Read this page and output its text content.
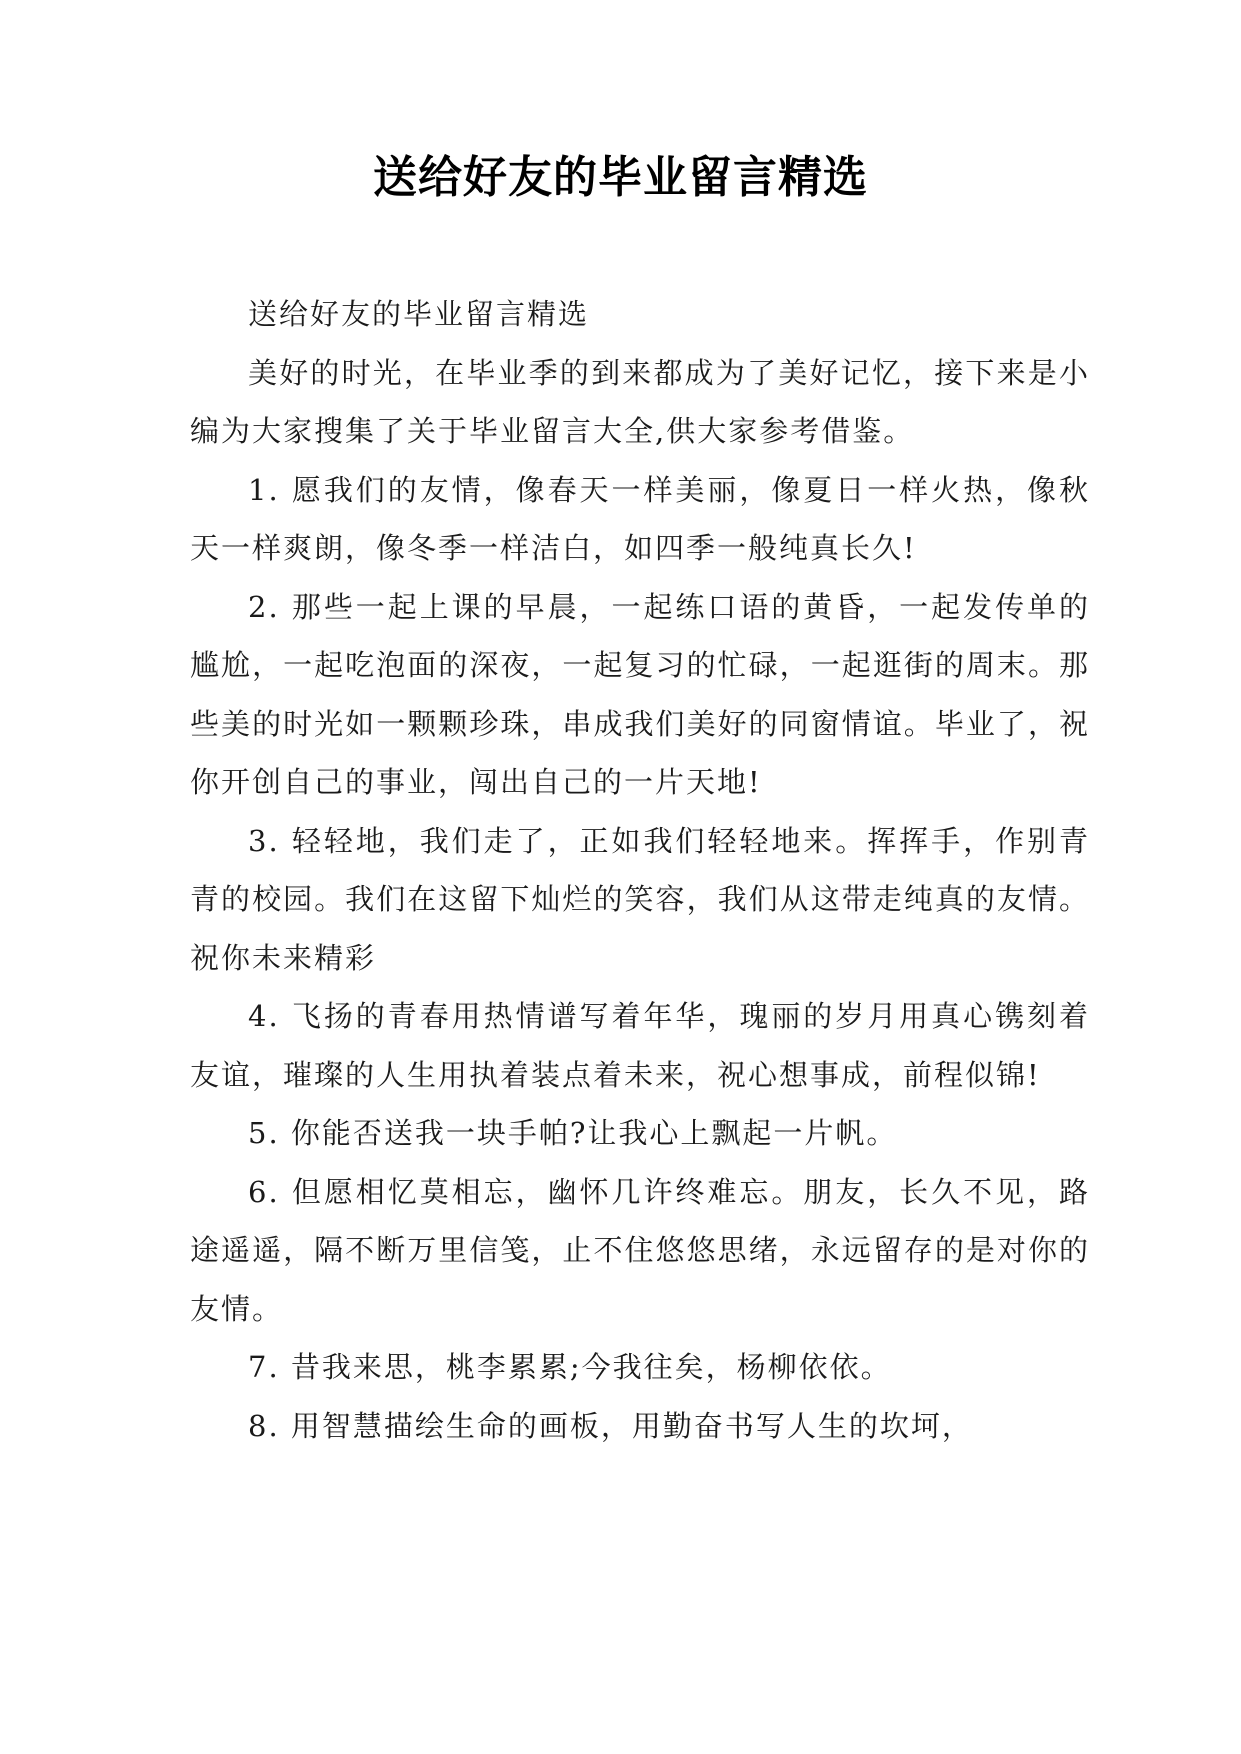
送给好友的毕业留言精选

送给好友的毕业留言精选

美好的时光，在毕业季的到来都成为了美好记忆，接下来是小编为大家搜集了关于毕业留言大全,供大家参考借鉴。

1. 愿我们的友情，像春天一样美丽，像夏日一样火热，像秋天一样爽朗，像冬季一样洁白，如四季一般纯真长久!

2. 那些一起上课的早晨，一起练口语的黄昏，一起发传单的尴尬，一起吃泡面的深夜，一起复习的忙碌，一起逛街的周末。那些美的时光如一颗颗珍珠，串成我们美好的同窗情谊。毕业了，祝你开创自己的事业，闯出自己的一片天地!

3. 轻轻地，我们走了，正如我们轻轻地来。挥挥手，作别青青的校园。我们在这留下灿烂的笑容，我们从这带走纯真的友情。祝你未来精彩

4. 飞扬的青春用热情谱写着年华，瑰丽的岁月用真心镌刻着友谊，璀璨的人生用执着装点着未来，祝心想事成，前程似锦!

5. 你能否送我一块手帕?让我心上飘起一片帆。

6. 但愿相忆莫相忘，幽怀几许终难忘。朋友，长久不见，路途遥遥，隔不断万里信笺，止不住悠悠思绪，永远留存的是对你的友情。

7. 昔我来思，桃李累累;今我往矣，杨柳依依。

8. 用智慧描绘生命的画板，用勤奋书写人生的坎坷，
